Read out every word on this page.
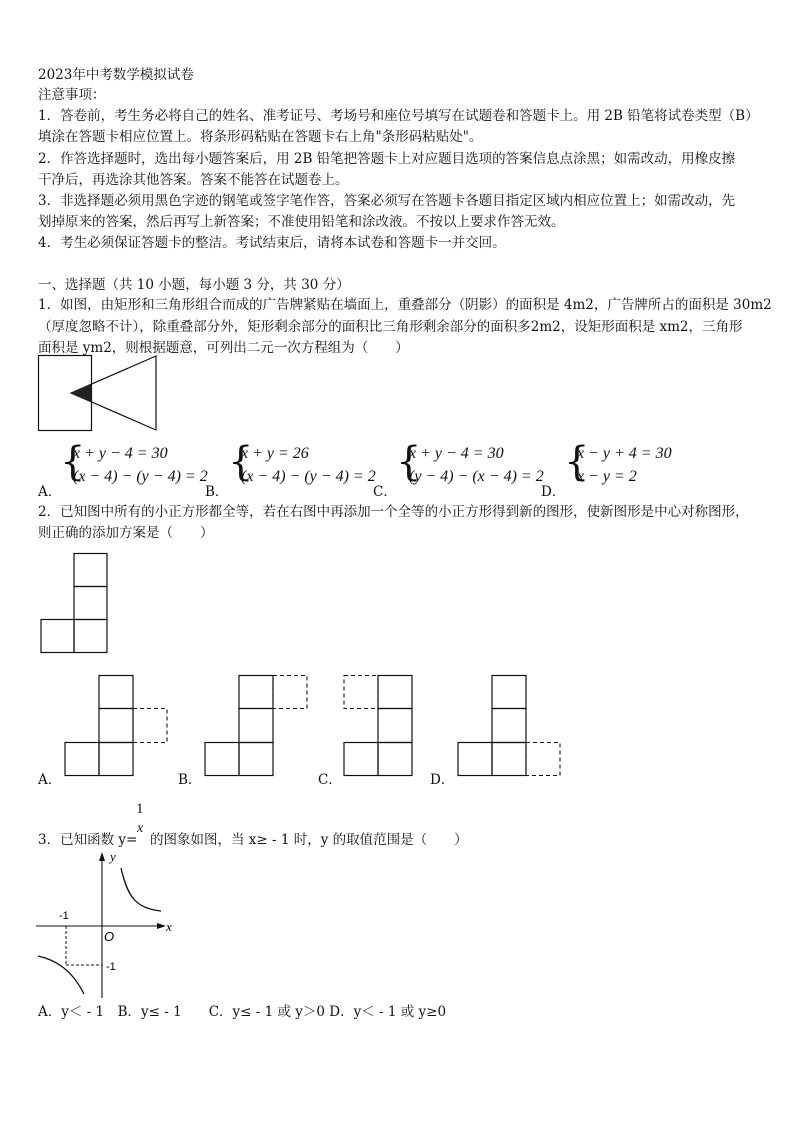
2023年中考数学模拟试卷
注意事项：
1．答卷前，考生务必将自己的姓名、准考证号、考场号和座位号填写在试题卷和答题卡上。用 2B 铅笔将试卷类型（B）
填涂在答题卡相应位置上。将条形码粘贴在答题卡右上角"条形码粘贴处"。
2．作答选择题时，选出每小题答案后，用 2B 铅笔把答题卡上对应题目选项的答案信息点涂黑；如需改动，用橡皮擦
干净后，再选涂其他答案。答案不能答在试题卷上。
3．非选择题必须用黑色字迹的钢笔或签字笔作答，答案必须写在答题卡各题目指定区域内相应位置上；如需改动，先
划掉原来的答案，然后再写上新答案；不准使用铅笔和涂改液。不按以上要求作答无效。
4．考生必须保证答题卡的整洁。考试结束后，请将本试卷和答题卡一并交回。
一、选择题（共 10 小题，每小题 3 分，共 30 分）
1．如图，由矩形和三角形组合而成的广告牌紧贴在墙面上，重叠部分（阴影）的面积是 4m2，广告牌所占的面积是 30m2
（厚度忽略不计），除重叠部分外，矩形剩余部分的面积比三角形剩余部分的面积多2m2，设矩形面积是 xm2，三角形
面积是 ym2，则根据题意，可列出二元一次方程组为（　　）
A．
{
x + y − 4 = 30
(x − 4) − (y − 4) = 2
B．
{
x + y = 26
(x − 4) − (y − 4) = 2
C．
{
x + y − 4 = 30
(y − 4) − (x − 4) = 2
D．
{
x − y + 4 = 30
x − y = 2
2．已知图中所有的小正方形都全等，若在右图中再添加一个全等的小正方形得到新的图形，使新图形是中心对称图形，
则正确的添加方案是（　　）
A．	B．	C．	D．
3．已知函数 y=
1
x
的图象如图，当 x≥ - 1 时，y 的取值范围是（　　）
y
x
O
-1
-1
A．y＜ - 1　B．y≤ - 1　　C．y≤ - 1 或 y＞0 D．y＜ - 1 或 y≥0
